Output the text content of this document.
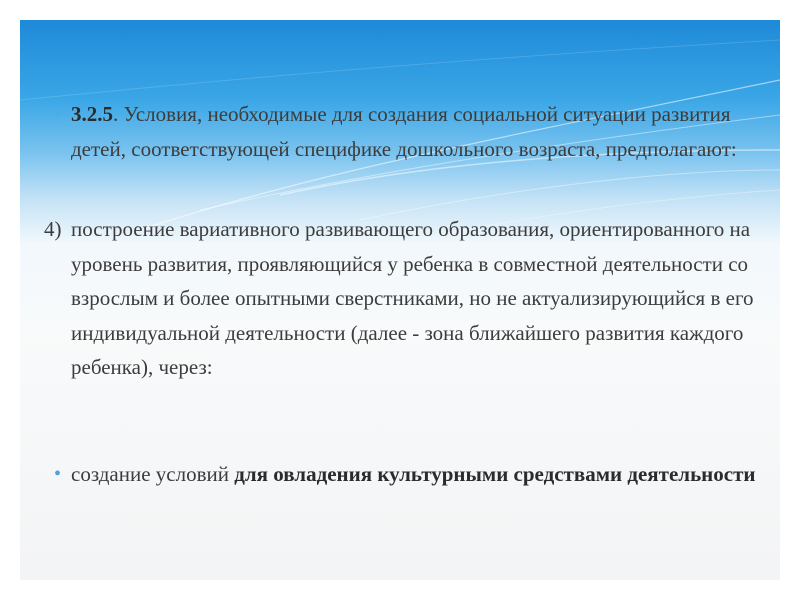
◦ 3.2.5. Условия, необходимые для создания социальной ситуации развития детей, соответствующей специфике дошкольного возраста, предполагают:
4) построение вариативного развивающего образования, ориентированного на уровень развития, проявляющийся у ребенка в совместной деятельности со взрослым и более опытными сверстниками, но не актуализирующийся в его индивидуальной деятельности (далее - зона ближайшего развития каждого ребенка), через:
• создание условий для овладения культурными средствами деятельности
